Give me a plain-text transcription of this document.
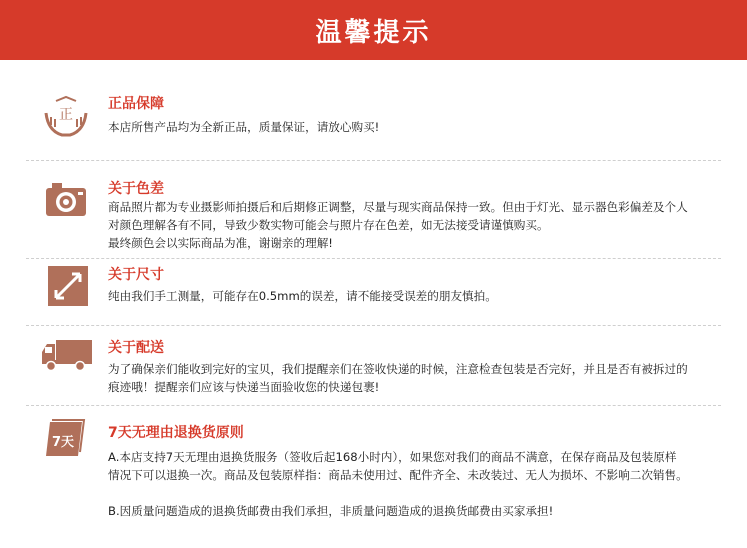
温馨提示
正
正品保障

本店所售产品均为全新正品，质量保证，请放心购买!

关于色差

商品照片都为专业摄影师拍摄后和后期修正调整，尽量与现实商品保持一致。但由于灯光、显示器色彩偏差及个人

对颜色理解各有不同，导致少数实物可能会与照片存在色差，如无法接受请谨慎购买。

最终颜色会以实际商品为准，谢谢亲的理解!

关于尺寸

纯由我们手工测量，可能存在0.5mm的误差，请不能接受误差的朋友慎拍。

关于配送

为了确保亲们能收到完好的宝贝，我们提醒亲们在签收快递的时候，注意检查包装是否完好，并且是否有被拆过的

痕迹哦！提醒亲们应该与快递当面验收您的快递包裹!

7天
7天无理由退换货原则

A.本店支持7天无理由退换货服务（签收后起168小时内），如果您对我们的商品不满意，在保存商品及包装原样

情况下可以退换一次。商品及包装原样指：商品未使用过、配件齐全、未改装过、无人为损坏、不影响二次销售。

B.因质量问题造成的退换货邮费由我们承担，非质量问题造成的退换货邮费由买家承担!
